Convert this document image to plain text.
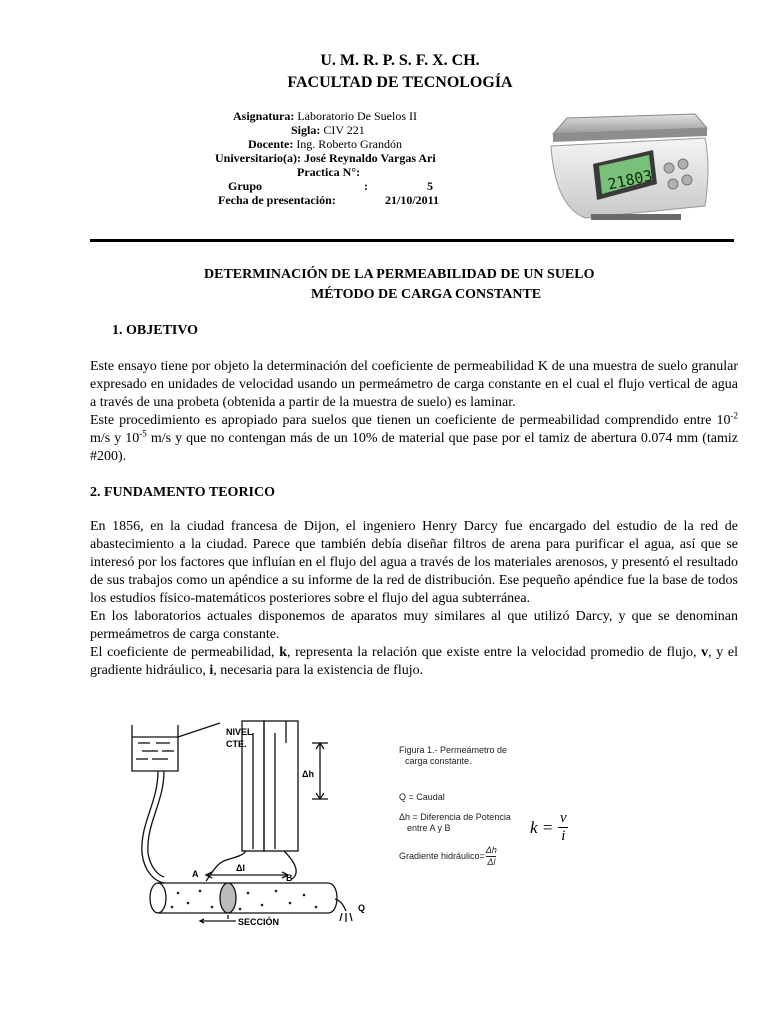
U. M. R. P. S. F. X. CH.
FACULTAD DE TECNOLOGÍA
Asignatura: Laboratorio De Suelos II
Sigla: CIV 221
Docente: Ing. Roberto Grandón
Universitario(a): José Reynaldo Vargas Ari
Practica N°:
Grupo	:	5
Fecha de presentación:	21/10/2011
21803
DETERMINACIÓN DE LA PERMEABILIDAD DE UN SUELO
MÉTODO DE CARGA CONSTANTE
1. OBJETIVO

Este ensayo tiene por objeto la determinación del coeficiente de permeabilidad K de una muestra de suelo granular expresado en unidades de velocidad usando un permeámetro de carga constante en el cual el flujo vertical de agua a través de una probeta (obtenida a partir de la muestra de suelo) es laminar.

Este procedimiento es apropiado para suelos que tienen un coeficiente de permeabilidad comprendido entre $10^{-2}$ m/s y $10^{-5}$ m/s y que no contengan más de un 10% de material que pase por el tamiz de abertura 0.074 mm (tamiz #200).

2. FUNDAMENTO TEORICO

En 1856, en la ciudad francesa de Dijon, el ingeniero Henry Darcy fue encargado del estudio de la red de abastecimiento a la ciudad. Parece que también debía diseñar filtros de arena para purificar el agua, así que se interesó por los factores que influían en el flujo del agua a través de los materiales arenosos, y presentó el resultado de sus trabajos como un apéndice a su informe de la red de distribución. Ese pequeño apéndice fue la base de todos los estudios físico-matemáticos posteriores sobre el flujo del agua subterránea.

En los laboratorios actuales disponemos de aparatos muy similares al que utilizó Darcy, y que se denominan permeámetros de carga constante.

El coeficiente de permeabilidad, k, representa la relación que existe entre la velocidad promedio de flujo, v, y el gradiente hidráulico, i, necesaria para la existencia de flujo.

NIVEL
CTE.
Δh
Δl
A	B
Q
SECCIÓN
Figura 1.- Permeámetro de
carga constante.
Q = Caudal
Δh = Diferencia de Potencia
entre A y B
Gradiente hidráulico= $\frac{\Delta h}{\Delta l}$
$k = \frac{v}{i}$
